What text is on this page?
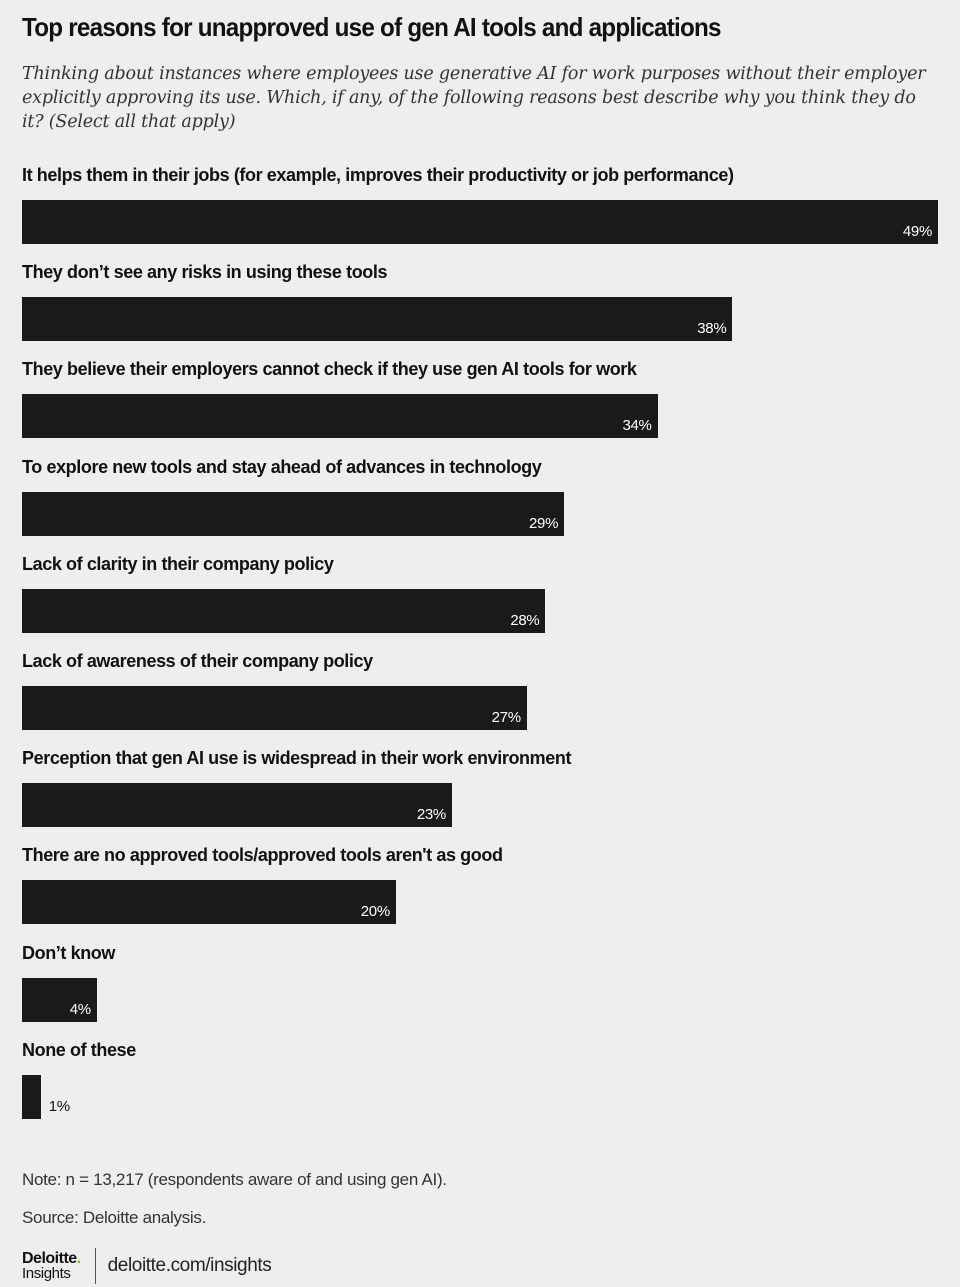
Top reasons for unapproved use of gen AI tools and applications
Thinking about instances where employees use generative AI for work purposes without their employer explicitly approving its use. Which, if any, of the following reasons best describe why you think they do it? (Select all that apply)
It helps them in their jobs (for example, improves their productivity or job performance)
49%
They don’t see any risks in using these tools
38%
They believe their employers cannot check if they use gen AI tools for work
34%
To explore new tools and stay ahead of advances in technology
29%
Lack of clarity in their company policy
28%
Lack of awareness of their company policy
27%
Perception that gen AI use is widespread in their work environment
23%
There are no approved tools/approved tools aren't as good
20%
Don’t know
4%
None of these
1%
Note: n = 13,217 (respondents aware of and using gen AI).
Source: Deloitte analysis.
Deloitte.
Insights	deloitte.com/insights
